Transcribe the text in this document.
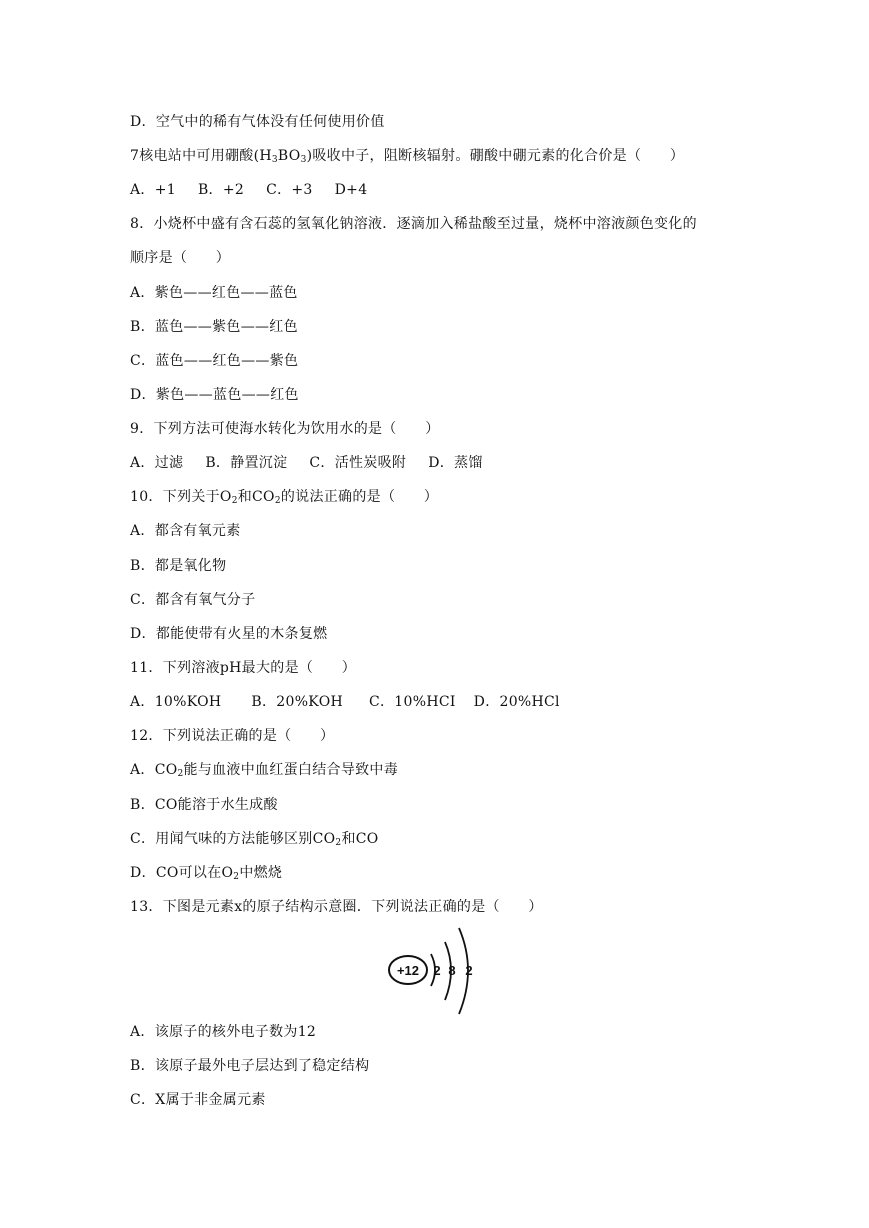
D．空气中的稀有气体没有任何使用价值
7核电站中可用硼酸$(H_3BO_3)$吸收中子，阻断核辐射。硼酸中硼元素的化合价是（　　）
A．+1 B．+2 C．+3 D+4
8．小烧杯中盛有含石蕊的氢氧化钠溶液．逐滴加入稀盐酸至过量，烧杯中溶液颜色变化的
顺序是（　　）
A．紫色——红色——蓝色
B．蓝色——紫色——红色
C．蓝色——红色——紫色
D．紫色——蓝色——红色
9．下列方法可使海水转化为饮用水的是（　　）
A．过滤 B．静置沉淀 C．活性炭吸附 D．蒸馏
10．下列关于$O_2$和$CO_2$的说法正确的是（　　）
A．都含有氧元素
B．都是氧化物
C．都含有氧气分子
D．都能使带有火星的木条复燃
11．下列溶液pH最大的是（　　）
A．10%KOH B．20%KOH C．10%HCI D．20%HCl
12．下列说法正确的是（　　）
A．$CO_2$能与血液中血红蛋白结合导致中毒
B．CO能溶于水生成酸
C．用闻气味的方法能够区别$CO_2$和CO
D．CO可以在$O_2$中燃烧
13．下图是元素x的原子结构示意圈．下列说法正确的是（　　）
+12 2 8 2
A．该原子的核外电子数为12
B．该原子最外电子层达到了稳定结构
C．X属于非金属元素
